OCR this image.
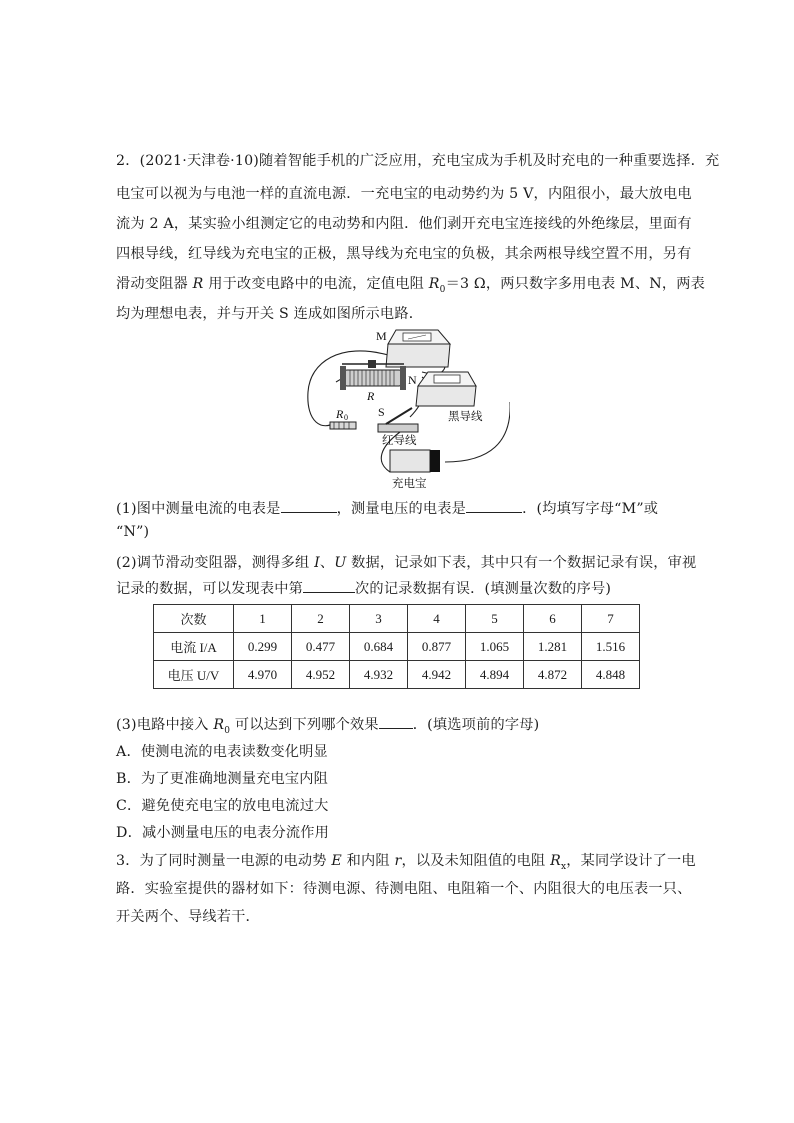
2．(2021·天津卷·10)随着智能手机的广泛应用，充电宝成为手机及时充电的一种重要选择．充
电宝可以视为与电池一样的直流电源．一充电宝的电动势约为 5 V，内阻很小，最大放电电
流为 2 A，某实验小组测定它的电动势和内阻．他们剥开充电宝连接线的外绝缘层，里面有
四根导线，红导线为充电宝的正极，黑导线为充电宝的负极，其余两根导线空置不用，另有
滑动变阻器 R 用于改变电路中的电流，定值电阻 $R_0=3$ Ω，两只数字多用电表 M、N，两表
均为理想电表，并与开关 S 连成如图所示电路．
M
N
R
R 0	S	黑导线
红导线
充电宝
(1)图中测量电流的电表是	，测量电压的电表是	．(均填写字母“M”或
“N”)
(2)调节滑动变阻器，测得多组 I、U 数据，记录如下表，其中只有一个数据记录有误，审视
记录的数据，可以发现表中第	次的记录数据有误．(填测量次数的序号)
次数	1	2	3	4	5	6	7
电流 I/A	0.299	0.477	0.684	0.877	1.065	1.281	1.516
电压 U/V	4.970	4.952	4.932	4.942	4.894	4.872	4.848
(3)电路中接入 $R_0$ 可以达到下列哪个效果 ．(填选项前的字母)
A．使测电流的电表读数变化明显
B．为了更准确地测量充电宝内阻
C．避免使充电宝的放电电流过大
D．减小测量电压的电表分流作用
3．为了同时测量一电源的电动势 E 和内阻 r，以及未知阻值的电阻 $R_x$，某同学设计了一电
路．实验室提供的器材如下：待测电源、待测电阻、电阻箱一个、内阻很大的电压表一只、
开关两个、导线若干．
